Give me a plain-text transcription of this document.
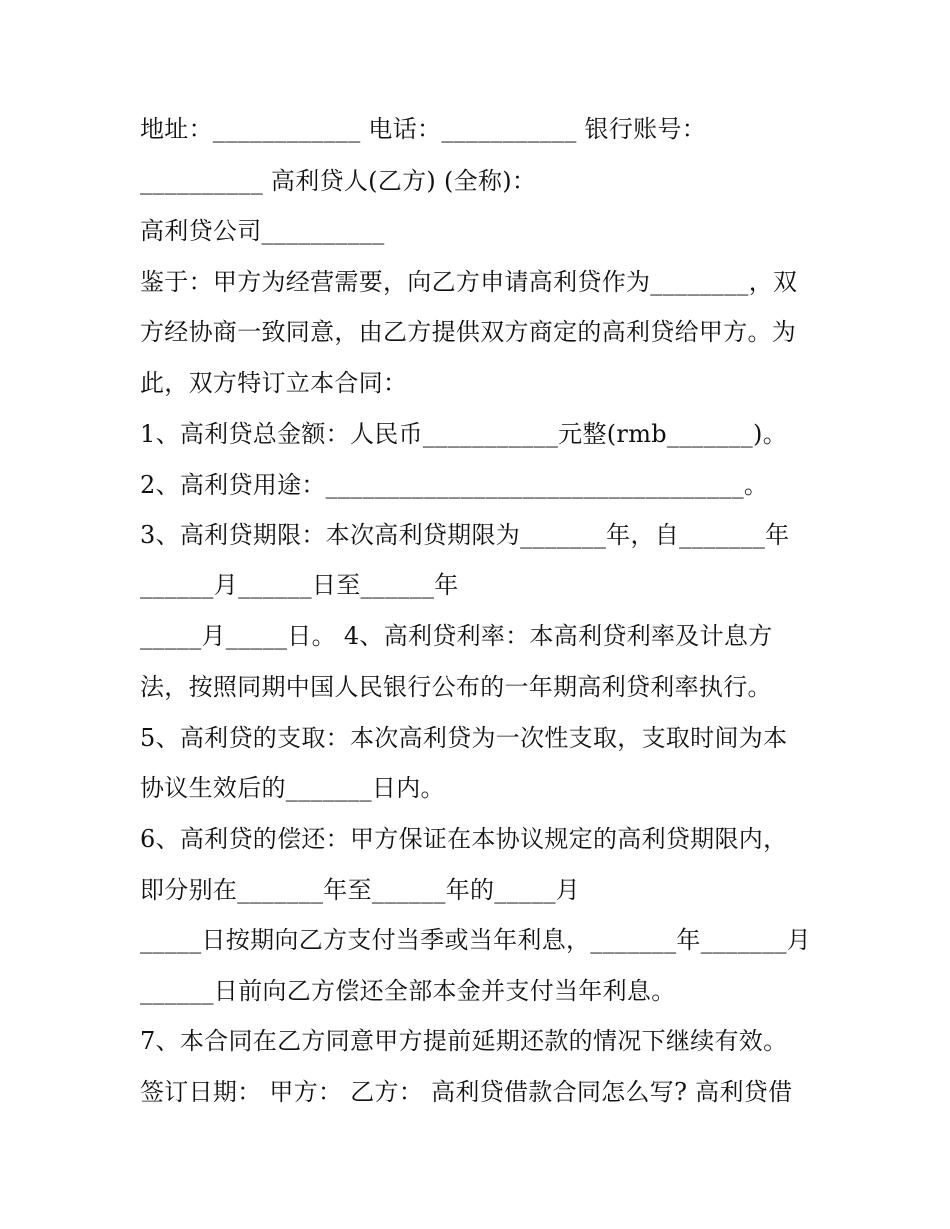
地址：____________ 电话：___________ 银行账号：
__________ 高利贷人(乙方) (全称)：
高利贷公司__________
鉴于：甲方为经营需要，向乙方申请高利贷作为________，双
方经协商一致同意，由乙方提供双方商定的高利贷给甲方。为
此，双方特订立本合同：
1、高利贷总金额：人民币___________元整(rmb_______)。
2、高利贷用途：__________________________________。
3、高利贷期限：本次高利贷期限为_______年，自_______年
______月______日至______年
_____月_____日。 4、高利贷利率：本高利贷利率及计息方
法，按照同期中国人民银行公布的一年期高利贷利率执行。
5、高利贷的支取：本次高利贷为一次性支取，支取时间为本
协议生效后的_______日内。
6、高利贷的偿还：甲方保证在本协议规定的高利贷期限内，
即分别在_______年至______年的_____月
_____日按期向乙方支付当季或当年利息，_______年_______月
______日前向乙方偿还全部本金并支付当年利息。
7、本合同在乙方同意甲方提前延期还款的情况下继续有效。
签订日期： 甲方： 乙方： 高利贷借款合同怎么写? 高利贷借
